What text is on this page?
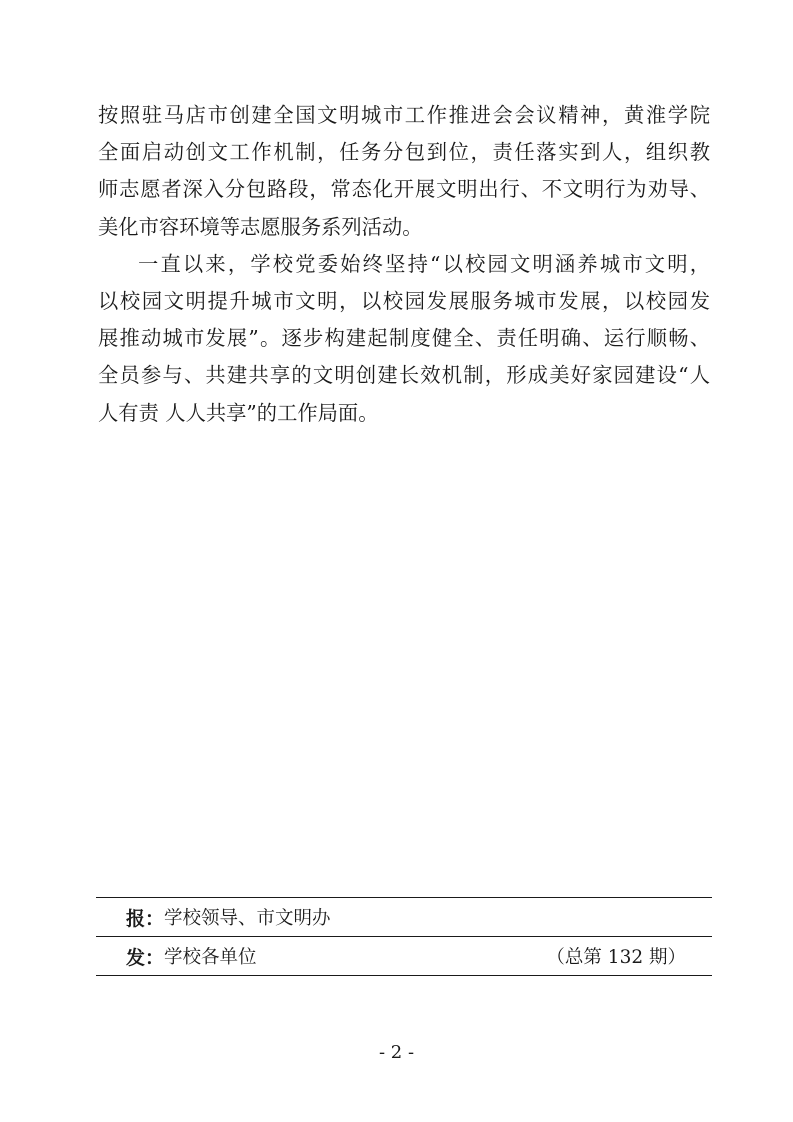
按照驻马店市创建全国文明城市工作推进会会议精神，黄淮学院
全面启动创文工作机制，任务分包到位，责任落实到人，组织教
师志愿者深入分包路段，常态化开展文明出行、不文明行为劝导、

美化市容环境等志愿服务系列活动。

一直以来，学校党委始终坚持“以校园文明涵养城市文明，
以校园文明提升城市文明，以校园发展服务城市发展，以校园发
展推动城市发展”。逐步构建起制度健全、责任明确、运行顺畅、
全员参与、共建共享的文明创建长效机制，形成美好家园建设“人

人有责 人人共享”的工作局面。

报： 学校领导、市文明办
发： 学校各单位	（总第 132 期）
- 2 -
